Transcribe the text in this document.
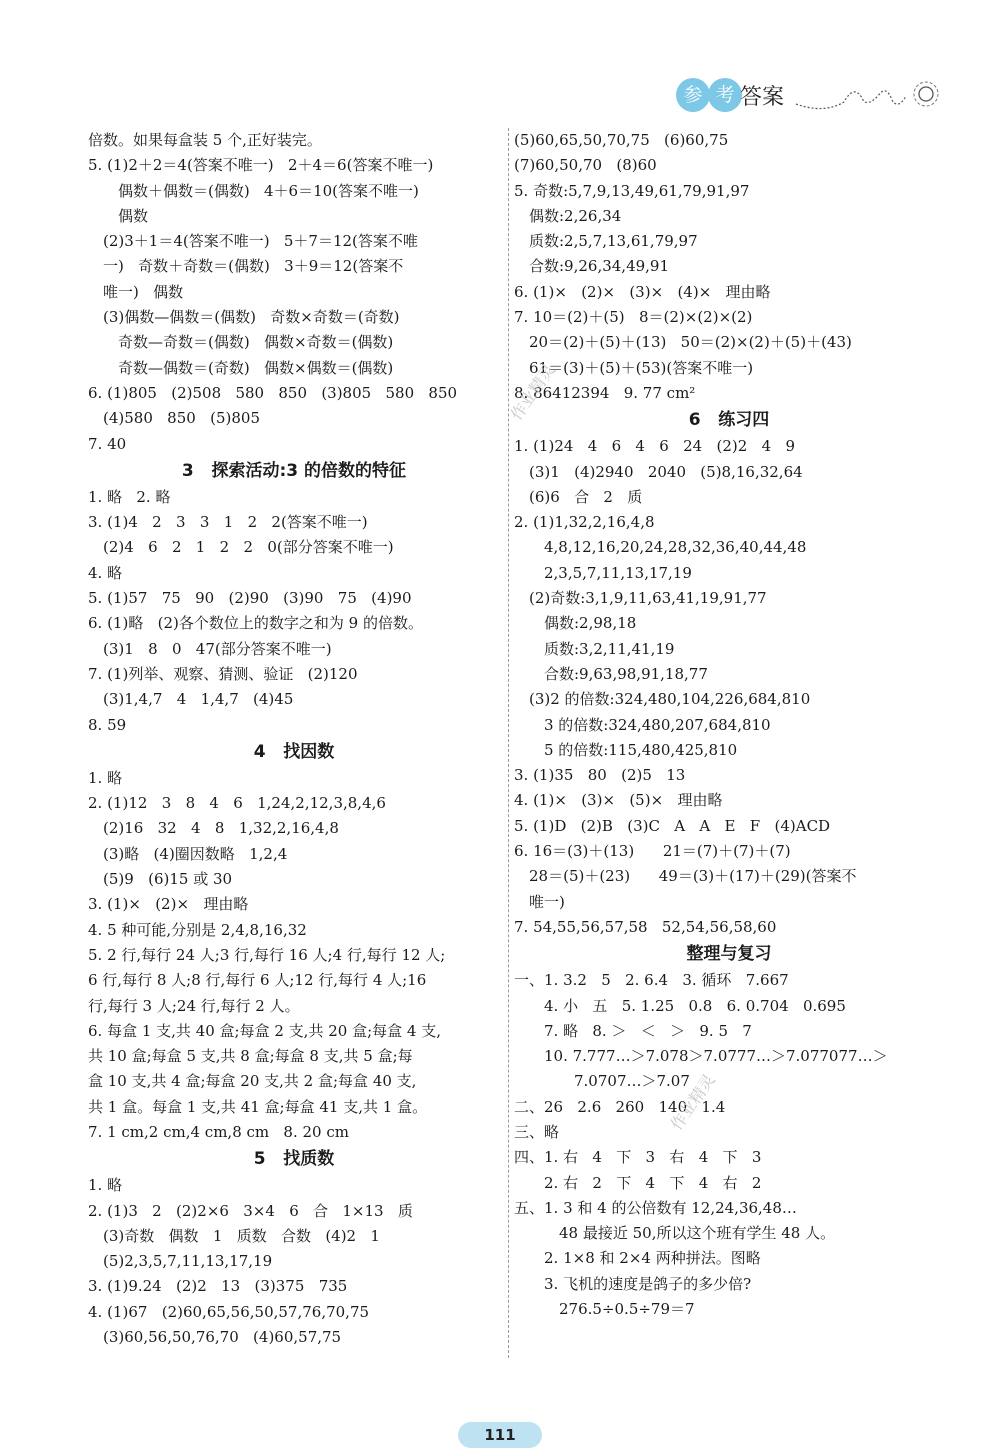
参 考 答案
倍数。如果每盒装 5 个,正好装完。
5. (1)2＋2＝4(答案不唯一)   2＋4＝6(答案不唯一)
偶数＋偶数＝(偶数)   4＋6＝10(答案不唯一)
偶数
(2)3＋1＝4(答案不唯一)   5＋7＝12(答案不唯
一)   奇数＋奇数＝(偶数)   3＋9＝12(答案不
唯一)   偶数
(3)偶数—偶数＝(偶数)   奇数×奇数＝(奇数)
奇数—奇数＝(偶数)   偶数×奇数＝(偶数)
奇数—偶数＝(奇数)   偶数×偶数＝(偶数)
6. (1)805   (2)508   580   850   (3)805   580   850
(4)580   850   (5)805
7. 40
3   探索活动:3 的倍数的特征
1. 略   2. 略
3. (1)4   2   3   3   1   2   2(答案不唯一)
(2)4   6   2   1   2   2   0(部分答案不唯一)
4. 略
5. (1)57   75   90   (2)90   (3)90   75   (4)90
6. (1)略   (2)各个数位上的数字之和为 9 的倍数。
(3)1   8   0   47(部分答案不唯一)
7. (1)列举、观察、猜测、验证   (2)120
(3)1,4,7   4   1,4,7   (4)45
8. 59
4   找因数
1. 略
2. (1)12   3   8   4   6   1,24,2,12,3,8,4,6
(2)16   32   4   8   1,32,2,16,4,8
(3)略   (4)圈因数略   1,2,4
(5)9   (6)15 或 30
3. (1)×   (2)×   理由略
4. 5 种可能,分别是 2,4,8,16,32
5. 2 行,每行 24 人;3 行,每行 16 人;4 行,每行 12 人;
6 行,每行 8 人;8 行,每行 6 人;12 行,每行 4 人;16
行,每行 3 人;24 行,每行 2 人。
6. 每盒 1 支,共 40 盒;每盒 2 支,共 20 盒;每盒 4 支,
共 10 盒;每盒 5 支,共 8 盒;每盒 8 支,共 5 盒;每
盒 10 支,共 4 盒;每盒 20 支,共 2 盒;每盒 40 支,
共 1 盒。每盒 1 支,共 41 盒;每盒 41 支,共 1 盒。
7. 1 cm,2 cm,4 cm,8 cm   8. 20 cm
5   找质数
1. 略
2. (1)3   2   (2)2×6   3×4   6   合   1×13   质
(3)奇数   偶数   1   质数   合数   (4)2   1
(5)2,3,5,7,11,13,17,19
3. (1)9.24   (2)2   13   (3)375   735
4. (1)67   (2)60,65,56,50,57,76,70,75
(3)60,56,50,76,70   (4)60,57,75
(5)60,65,50,70,75   (6)60,75
(7)60,50,70   (8)60
5. 奇数:5,7,9,13,49,61,79,91,97
偶数:2,26,34
质数:2,5,7,13,61,79,97
合数:9,26,34,49,91
6. (1)×   (2)×   (3)×   (4)×   理由略
7. 10＝(2)＋(5)   8＝(2)×(2)×(2)
20＝(2)＋(5)＋(13)   50＝(2)×(2)＋(5)＋(43)
61＝(3)＋(5)＋(53)(答案不唯一)
8. 86412394   9. 77 cm²
6   练习四
1. (1)24   4   6   4   6   24   (2)2   4   9
(3)1   (4)2940   2040   (5)8,16,32,64
(6)6   合   2   质
2. (1)1,32,2,16,4,8
4,8,12,16,20,24,28,32,36,40,44,48
2,3,5,7,11,13,17,19
(2)奇数:3,1,9,11,63,41,19,91,77
偶数:2,98,18
质数:3,2,11,41,19
合数:9,63,98,91,18,77
(3)2 的倍数:324,480,104,226,684,810
3 的倍数:324,480,207,684,810
5 的倍数:115,480,425,810
3. (1)35   80   (2)5   13
4. (1)×   (3)×   (5)×   理由略
5. (1)D   (2)B   (3)C   A   A   E   F   (4)ACD
6. 16＝(3)＋(13)      21＝(7)＋(7)＋(7)
28＝(5)＋(23)      49＝(3)＋(17)＋(29)(答案不
唯一)
7. 54,55,56,57,58   52,54,56,58,60
整理与复习
一、1. 3.2   5   2. 6.4   3. 循环   7.667
4. 小   五   5. 1.25   0.8   6. 0.704   0.695
7. 略   8. ＞   ＜   ＞   9. 5   7
10. 7.777…＞7.078＞7.0777…＞7.077077…＞
7.0707…＞7.07
二、26   2.6   260   140   1.4
三、略
四、1. 右   4   下   3   右   4   下   3
2. 右   2   下   4   下   4   右   2
五、1. 3 和 4 的公倍数有 12,24,36,48…
48 最接近 50,所以这个班有学生 48 人。
2. 1×8 和 2×4 两种拼法。图略
3. 飞机的速度是鸽子的多少倍?
276.5÷0.5÷79＝7
作业精灵
作业精灵
111
